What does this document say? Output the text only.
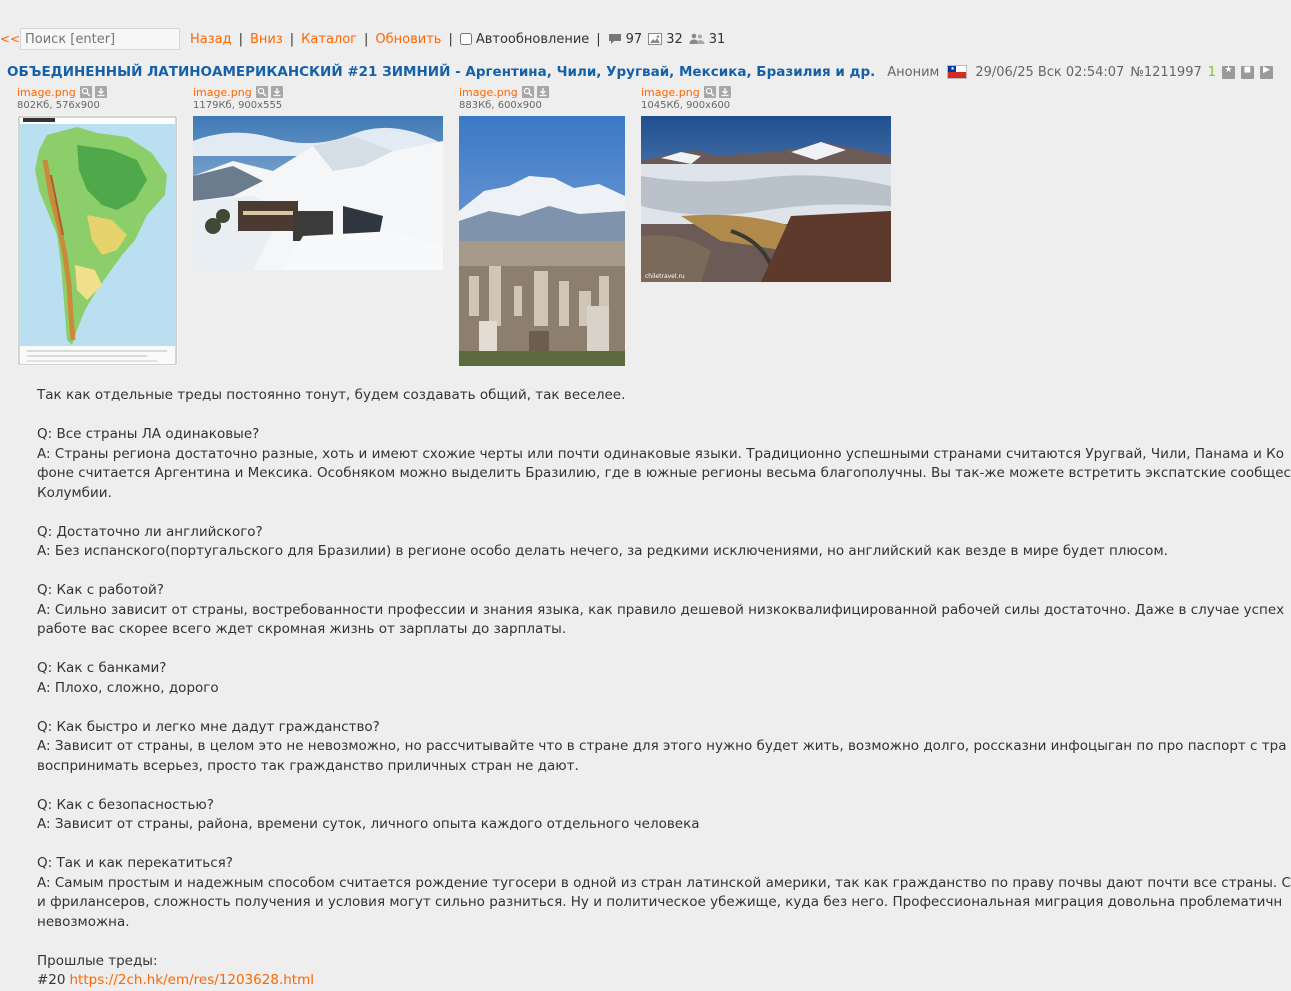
<<
Поиск [enter]	Назад | Вниз | Каталог | Обновить | Автообновление | 97 32 31
ОБЪЕДИНЕННЫЙ ЛАТИНОАМЕРИКАНСКИЙ #21 ЗИМНИЙ - Аргентина, Чили, Уругвай, Мексика, Бразилия и др. Аноним ★ 29/06/25 Вск 02:54:07 №1211997 1 ★	◼	▶
image.png
802Кб, 576x900
image.png
1179Кб, 900x555
image.png
883Кб, 600x900
image.png
1045Кб, 900x600
chiletravel.ru

Так как отдельные треды постоянно тонут, будем создавать общий, так веселее.

Q: Все страны ЛА одинаковые?

A: Страны региона достаточно разные, хоть и имеют схожие черты или почти одинаковые языки. Традиционно успешными странами считаются Уругвай, Чили, Панама и Ко

фоне считается Аргентина и Мексика. Особняком можно выделить Бразилию, где в южные регионы весьма благополучны. Вы так-же можете встретить экспатские сообщес

Колумбии.

Q: Достаточно ли английского?

A: Без испанского(португальского для Бразилии) в регионе особо делать нечего, за редкими исключениями, но английский как везде в мире будет плюсом.

Q: Как с работой?

A: Сильно зависит от страны, востребованности профессии и знания языка, как правило дешевой низкоквалифицированной рабочей силы достаточно. Даже в случае успех

работе вас скорее всего ждет скромная жизнь от зарплаты до зарплаты.

Q: Как с банками?

A: Плохо, сложно, дорого

Q: Как быстро и легко мне дадут гражданство?

A: Зависит от страны, в целом это не невозможно, но рассчитывайте что в стране для этого нужно будет жить, возможно долго, россказни инфоцыган по про паспорт с тра

воспринимать всерьез, просто так гражданство приличных стран не дают.

Q: Как с безопасностью?

A: Зависит от страны, района, времени суток, личного опыта каждого отдельного человека

Q: Так и как перекатиться?

A: Самым простым и надежным способом считается рождение тугосери в одной из стран латинской америки, так как гражданство по праву почвы дают почти все страны. С

и фрилансеров, сложность получения и условия могут сильно разниться. Ну и политическое убежище, куда без него. Профессиональная миграция довольна проблематичн

невозможна.

Прошлые треды:

#20 https://2ch.hk/em/res/1203628.html
